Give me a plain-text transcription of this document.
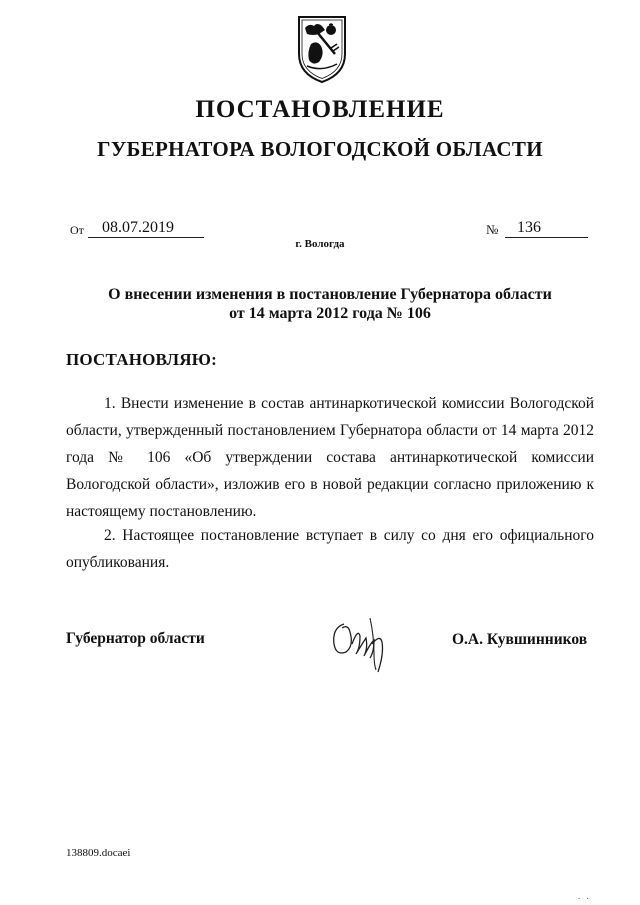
ПОСТАНОВЛЕНИЕ
ГУБЕРНАТОРА ВОЛОГОДСКОЙ ОБЛАСТИ
От	08.07.2019	№	136
г. Вологда
О внесении изменения в постановление Губернатора области
от 14 марта 2012 года № 106
ПОСТАНОВЛЯЮ:
1. Внести изменение в состав антинаркотической комиссии Вологодской области, утвержденный постановлением Губернатора области от 14 марта 2012 года № 106 «Об утверждении состава антинаркотической комиссии Вологодской области», изложив его в новой редакции согласно приложению к настоящему постановлению.
2. Настоящее постановление вступает в силу со дня его официального опубликования.
Губернатор области	О.А. Кувшинников
138809.docaei
. .
